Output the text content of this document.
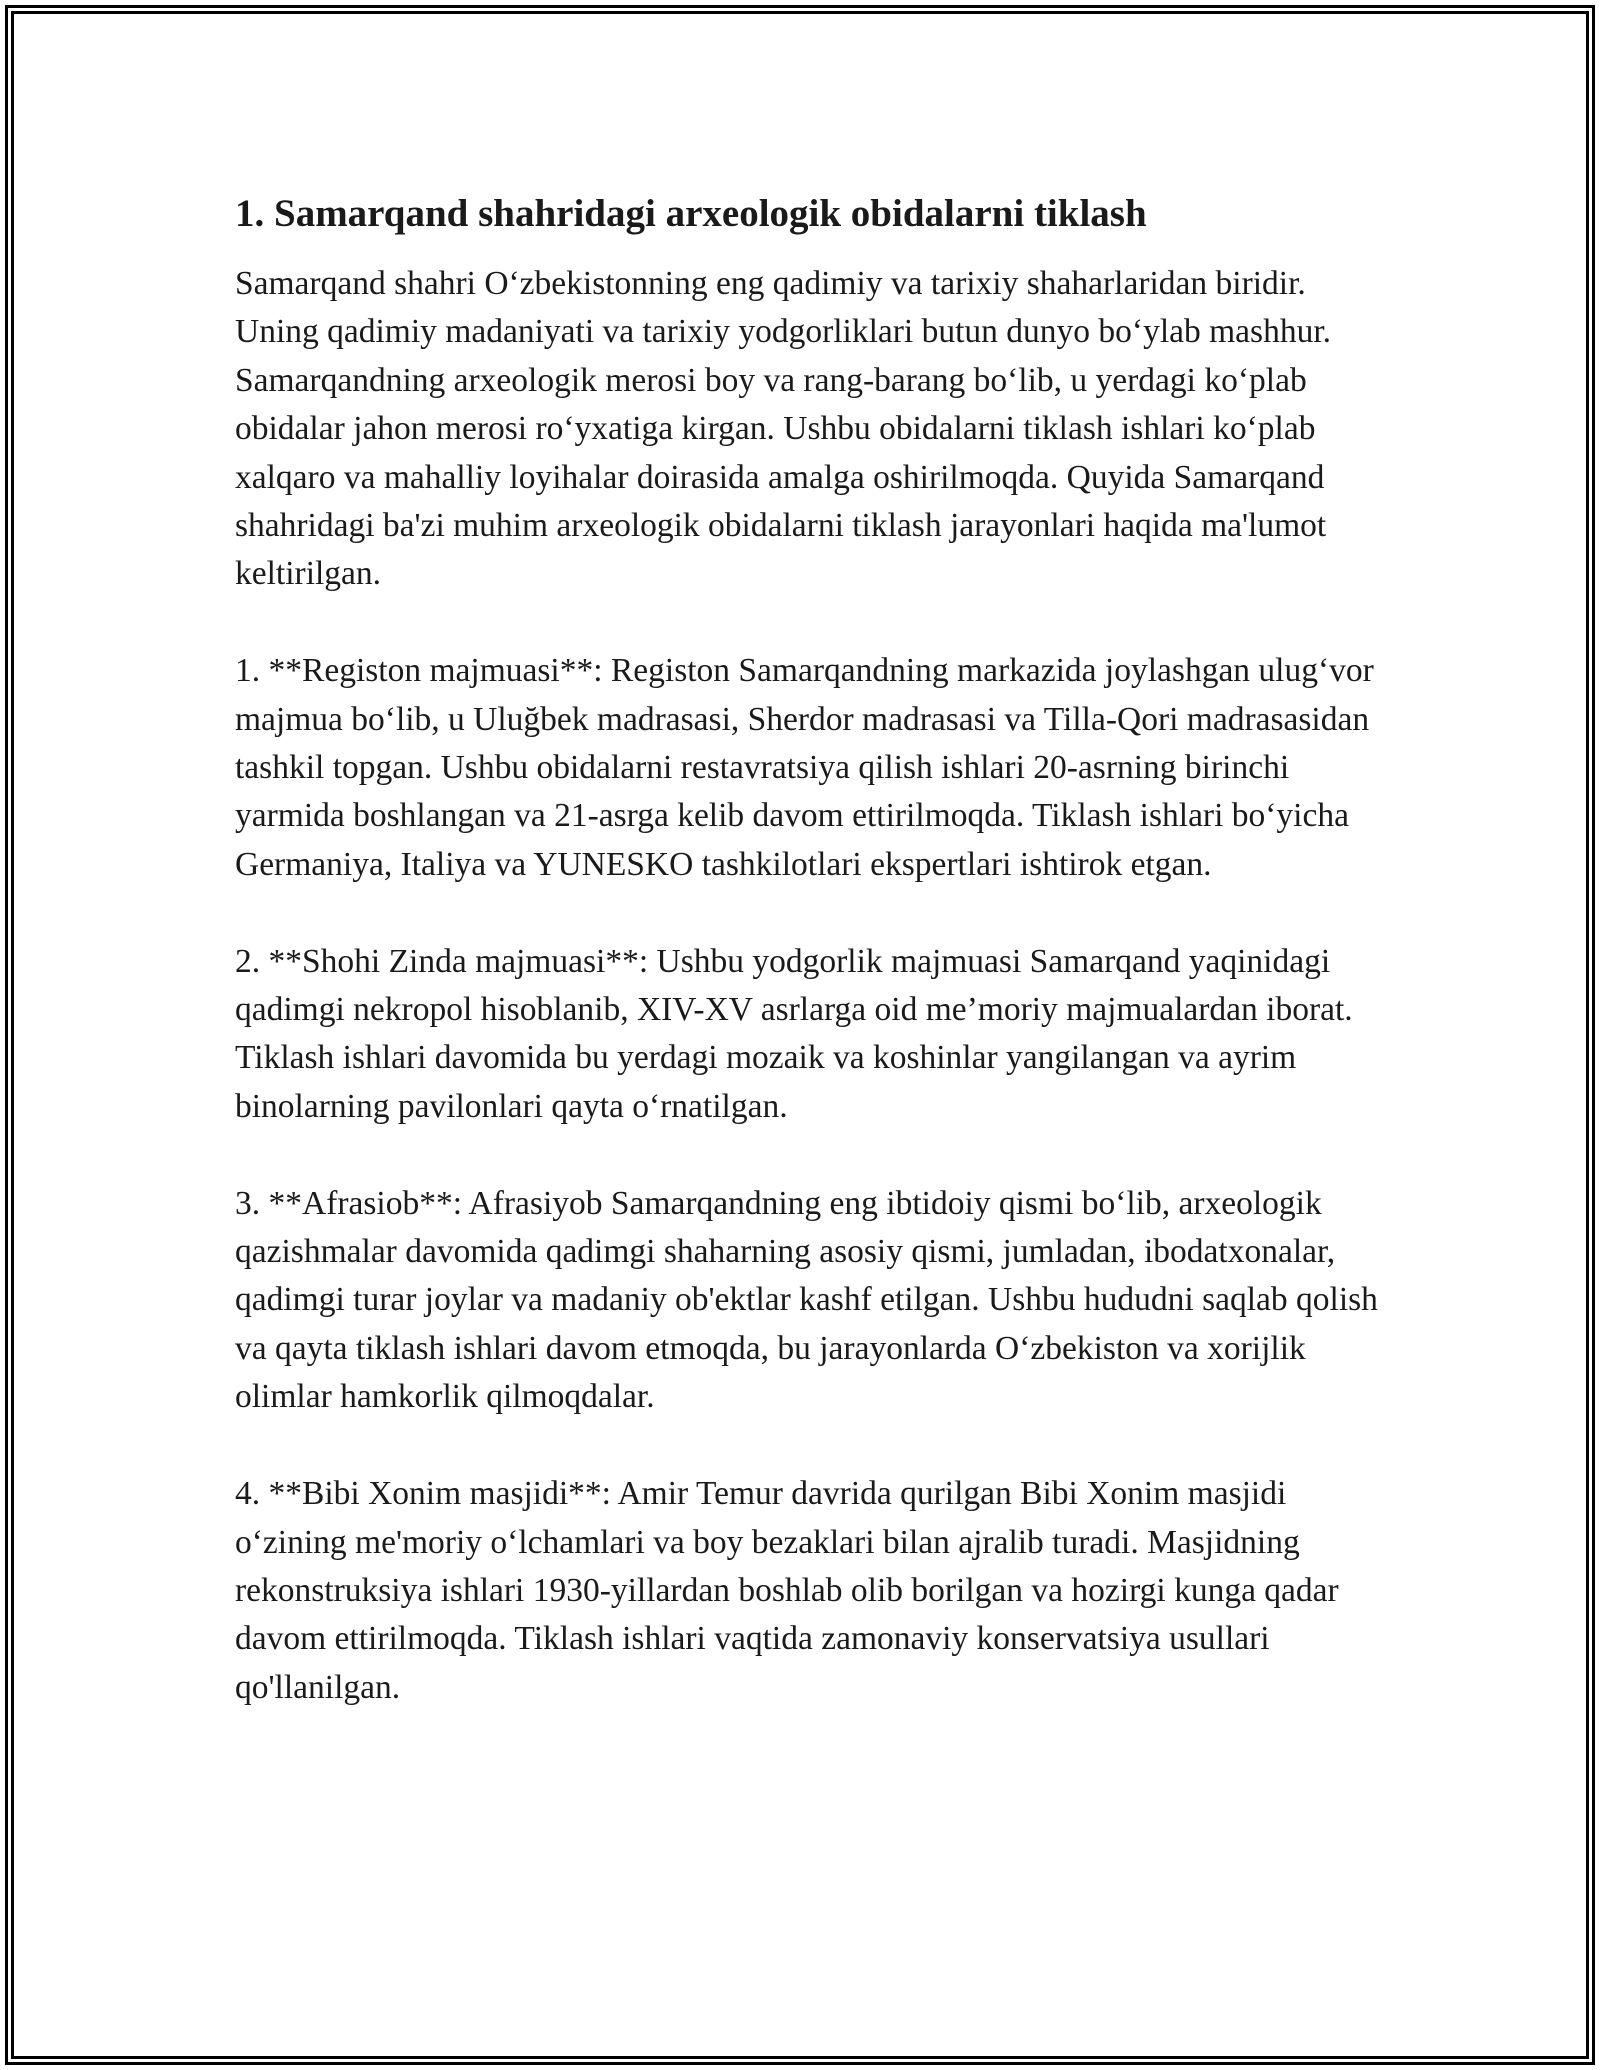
1. Samarqand shahridagi arxeologik obidalarni tiklash

Samarqand shahri O‘zbekistonning eng qadimiy va tarixiy shaharlaridan biridir. Uning qadimiy madaniyati va tarixiy yodgorliklari butun dunyo bo‘ylab mashhur. Samarqandning arxeologik merosi boy va rang-barang bo‘lib, u yerdagi ko‘plab obidalar jahon merosi ro‘yxatiga kirgan. Ushbu obidalarni tiklash ishlari ko‘plab xalqaro va mahalliy loyihalar doirasida amalga oshirilmoqda. Quyida Samarqand shahridagi ba'zi muhim arxeologik obidalarni tiklash jarayonlari haqida ma'lumot keltirilgan.

1. **Registon majmuasi**: Registon Samarqandning markazida joylashgan ulug‘vor majmua bo‘lib, u Uluğbek madrasasi, Sherdor madrasasi va Tilla-Qori madrasasidan tashkil topgan. Ushbu obidalarni restavratsiya qilish ishlari 20-asrning birinchi yarmida boshlangan va 21-asrga kelib davom ettirilmoqda. Tiklash ishlari bo‘yicha Germaniya, Italiya va YUNESKO tashkilotlari ekspertlari ishtirok etgan.

2. **Shohi Zinda majmuasi**: Ushbu yodgorlik majmuasi Samarqand yaqinidagi qadimgi nekropol hisoblanib, XIV-XV asrlarga oid me’moriy majmualardan iborat. Tiklash ishlari davomida bu yerdagi mozaik va koshinlar yangilangan va ayrim binolarning pavilonlari qayta o‘rnatilgan.

3. **Afrasiob**: Afrasiyob Samarqandning eng ibtidoiy qismi bo‘lib, arxeologik qazishmalar davomida qadimgi shaharning asosiy qismi, jumladan, ibodatxonalar, qadimgi turar joylar va madaniy ob'ektlar kashf etilgan. Ushbu hududni saqlab qolish va qayta tiklash ishlari davom etmoqda, bu jarayonlarda O‘zbekiston va xorijlik olimlar hamkorlik qilmoqdalar.

4. **Bibi Xonim masjidi**: Amir Temur davrida qurilgan Bibi Xonim masjidi o‘zining me'moriy o‘lchamlari va boy bezaklari bilan ajralib turadi. Masjidning rekonstruksiya ishlari 1930-yillardan boshlab olib borilgan va hozirgi kunga qadar davom ettirilmoqda. Tiklash ishlari vaqtida zamonaviy konservatsiya usullari qo'llanilgan.
